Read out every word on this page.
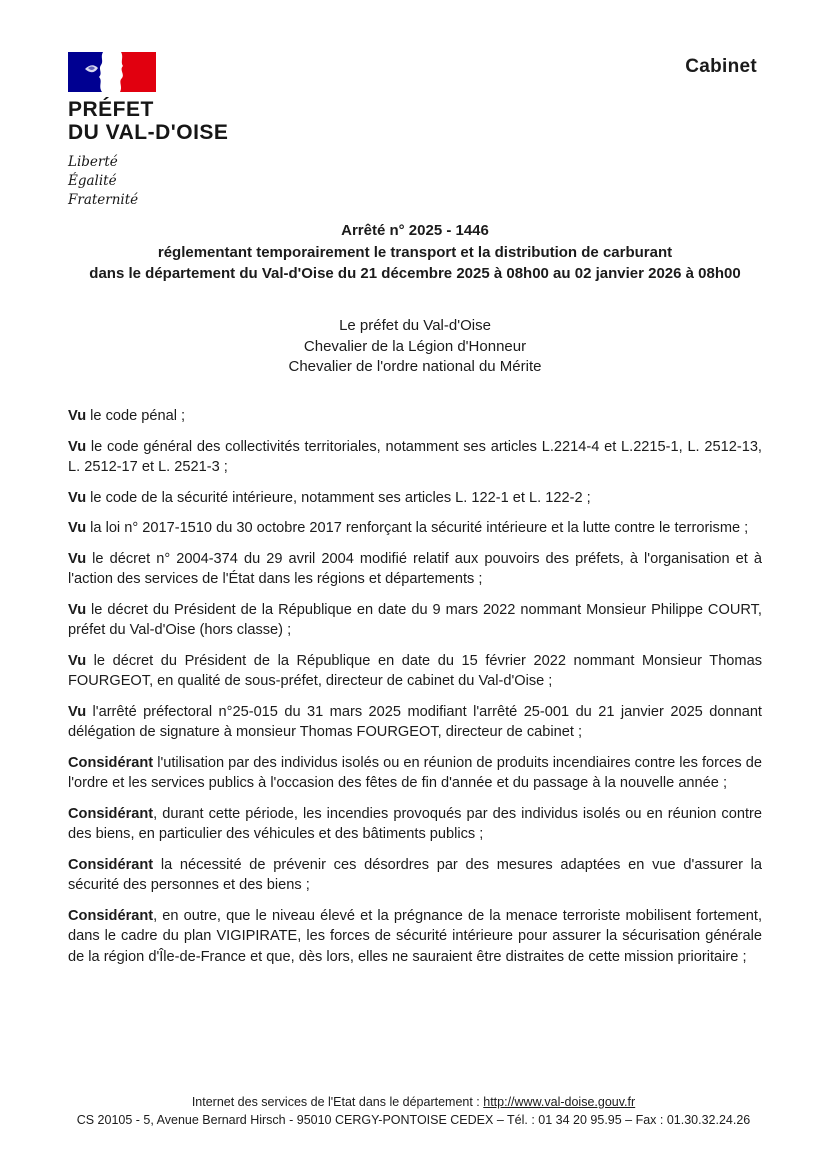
PRÉFET
DU VAL-D'OISE
Liberté
Égalité
Fraternité
Cabinet
Arrêté n° 2025 - 1446
réglementant temporairement le transport et la distribution de carburant
dans le département du Val-d'Oise du 21 décembre 2025 à 08h00 au 02 janvier 2026 à 08h00
Le préfet du Val-d'Oise
Chevalier de la Légion d'Honneur
Chevalier de l'ordre national du Mérite

Vu le code pénal ;

Vu le code général des collectivités territoriales, notamment ses articles L.2214-4 et L.2215-1, L. 2512-13, L. 2512-17 et L. 2521-3 ;

Vu le code de la sécurité intérieure, notamment ses articles L. 122-1 et L. 122-2 ;

Vu la loi n° 2017-1510 du 30 octobre 2017 renforçant la sécurité intérieure et la lutte contre le terrorisme ;

Vu le décret n° 2004-374 du 29 avril 2004 modifié relatif aux pouvoirs des préfets, à l'organisation et à l'action des services de l'État dans les régions et départements ;

Vu le décret du Président de la République en date du 9 mars 2022 nommant Monsieur Philippe COURT, préfet du Val-d'Oise (hors classe) ;

Vu le décret du Président de la République en date du 15 février 2022 nommant Monsieur Thomas FOURGEOT, en qualité de sous-préfet, directeur de cabinet du Val-d'Oise ;

Vu l'arrêté préfectoral n°25-015 du 31 mars 2025 modifiant l'arrêté 25-001 du 21 janvier 2025 donnant délégation de signature à monsieur Thomas FOURGEOT, directeur de cabinet ;

Considérant l'utilisation par des individus isolés ou en réunion de produits incendiaires contre les forces de l'ordre et les services publics à l'occasion des fêtes de fin d'année et du passage à la nouvelle année ;

Considérant, durant cette période, les incendies provoqués par des individus isolés ou en réunion contre des biens, en particulier des véhicules et des bâtiments publics ;

Considérant la nécessité de prévenir ces désordres par des mesures adaptées en vue d'assurer la sécurité des personnes et des biens ;

Considérant, en outre, que le niveau élevé et la prégnance de la menace terroriste mobilisent fortement, dans le cadre du plan VIGIPIRATE, les forces de sécurité intérieure pour assurer la sécurisation générale de la région d'Île-de-France et que, dès lors, elles ne sauraient être distraites de cette mission prioritaire ;

Internet des services de l'Etat dans le département : http://www.val-doise.gouv.fr
CS 20105 - 5, Avenue Bernard Hirsch - 95010 CERGY-PONTOISE CEDEX – Tél. : 01 34 20 95.95 – Fax : 01.30.32.24.26
